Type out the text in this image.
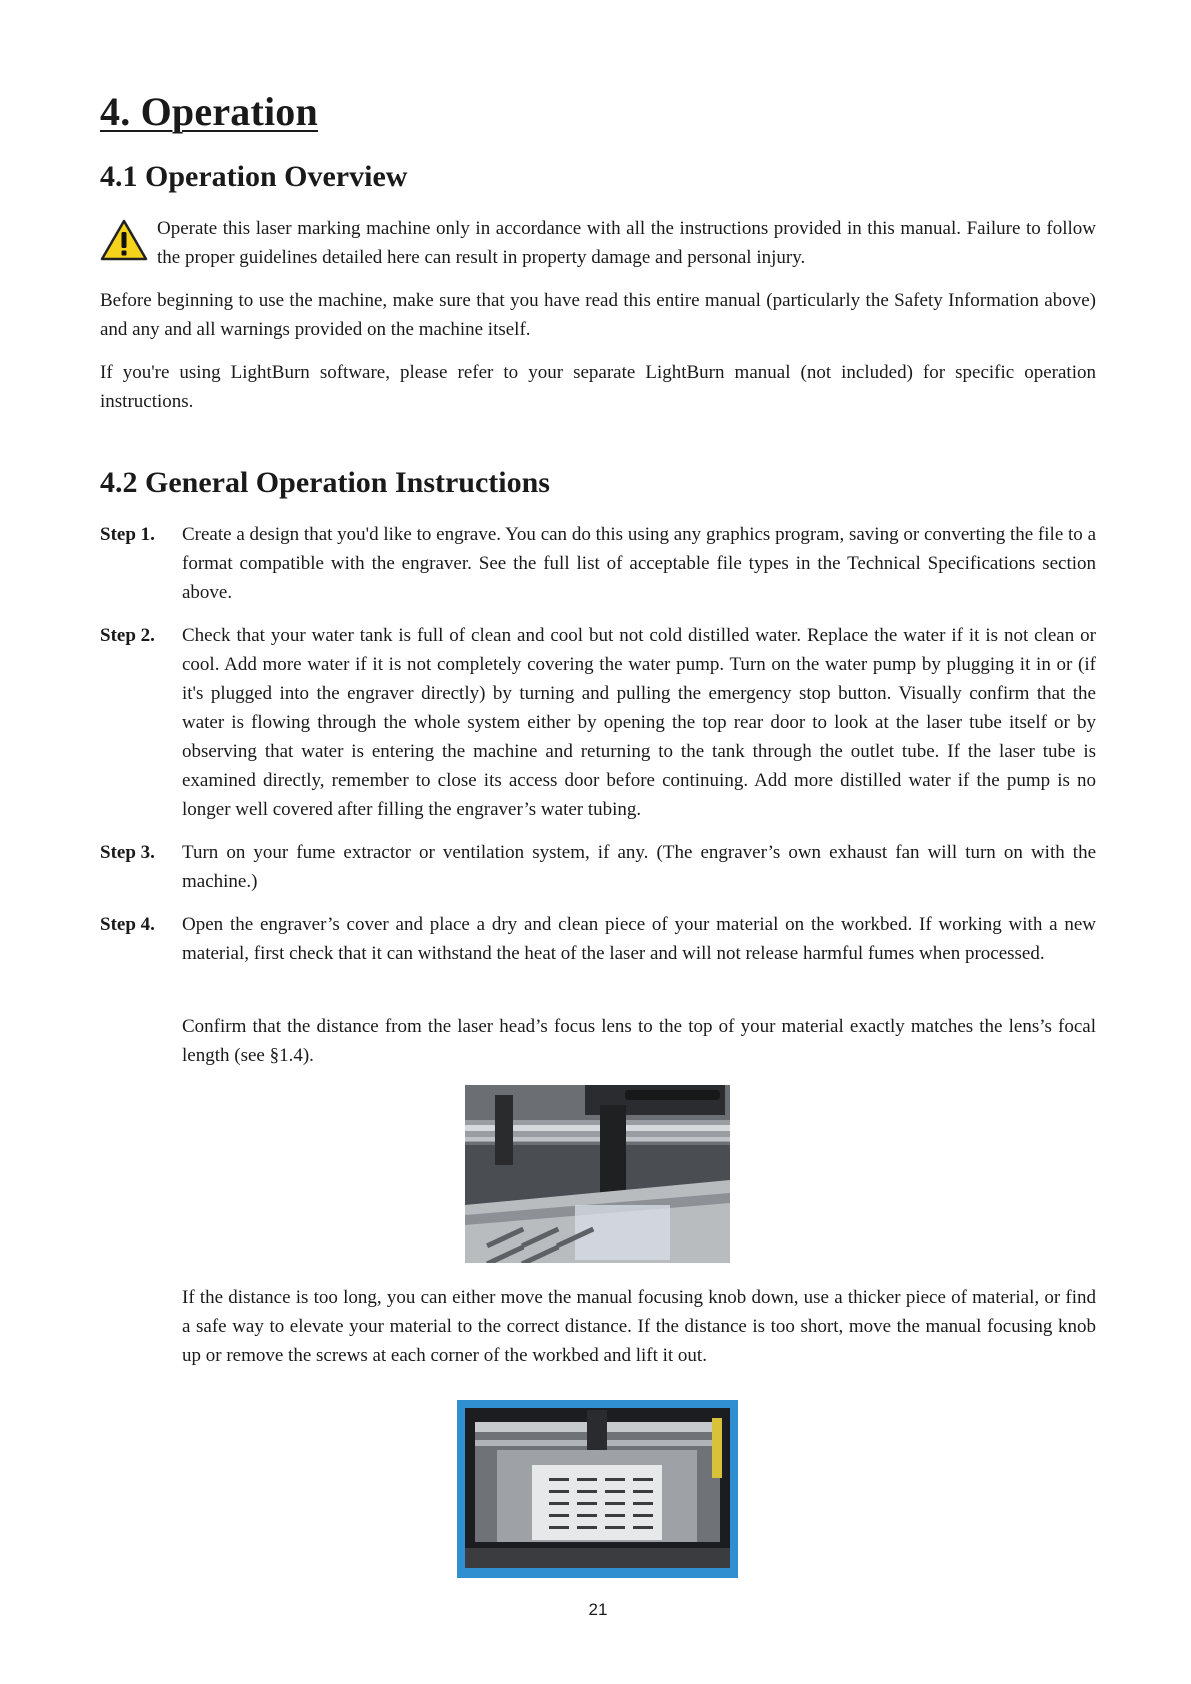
4. Operation
4.1 Operation Overview

Operate this laser marking machine only in accordance with all the instructions provided in this manual. Failure to follow the proper guidelines detailed here can result in property damage and personal injury.

Before beginning to use the machine, make sure that you have read this entire manual (particularly the Safety Information above) and any and all warnings provided on the machine itself.

If you're using LightBurn software, please refer to your separate LightBurn manual (not included) for specific operation instructions.

4.2 General Operation Instructions
Step 1. Create a design that you'd like to engrave. You can do this using any graphics program, saving or converting the file to a format compatible with the engraver. See the full list of acceptable file types in the Technical Specifications section above.

Step 2. Check that your water tank is full of clean and cool but not cold distilled water. Replace the water if it is not clean or cool. Add more water if it is not completely covering the water pump. Turn on the water pump by plugging it in or (if it's plugged into the engraver directly) by turning and pulling the emergency stop button. Visually confirm that the water is flowing through the whole system either by opening the top rear door to look at the laser tube itself or by observing that water is entering the machine and returning to the tank through the outlet tube. If the laser tube is examined directly, remember to close its access door before continuing. Add more distilled water if the pump is no longer well covered after filling the engraver’s water tubing.

Step 3. Turn on your fume extractor or ventilation system, if any. (The engraver’s own exhaust fan will turn on with the machine.)

Step 4. Open the engraver’s cover and place a dry and clean piece of your material on the workbed. If working with a new material, first check that it can withstand the heat of the laser and will not release harmful fumes when processed.

Confirm that the distance from the laser head’s focus lens to the top of your material exactly matches the lens’s focal length (see §1.4).

If the distance is too long, you can either move the manual focusing knob down, use a thicker piece of material, or find a safe way to elevate your material to the correct distance. If the distance is too short, move the manual focusing knob up or remove the screws at each corner of the workbed and lift it out.

21
